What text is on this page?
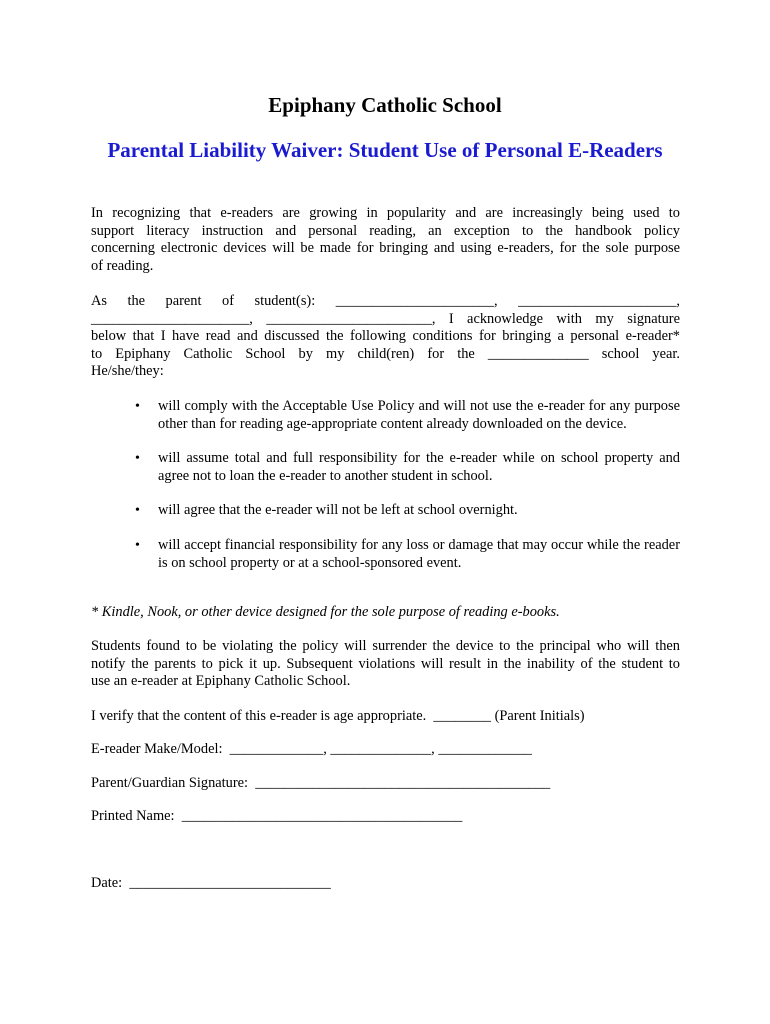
Epiphany Catholic School
Parental Liability Waiver: Student Use of Personal E-Readers
In recognizing that e-readers are growing in popularity and are increasingly being used to
support literacy instruction and personal reading, an exception to the handbook policy
concerning electronic devices will be made for bringing and using e-readers, for the sole purpose
of reading.
As the parent of student(s): ______________________, ______________________,
______________________, _______________________, I acknowledge with my signature
below that I have read and discussed the following conditions for bringing a personal e-reader*
to Epiphany Catholic School by my child(ren) for the ______________ school year.
He/she/they:
• will comply with the Acceptable Use Policy and will not use the e-reader for any purpose other than for reading age-appropriate content already downloaded on the device.
• will assume total and full responsibility for the e-reader while on school property and agree not to loan the e-reader to another student in school.
• will agree that the e-reader will not be left at school overnight.
• will accept financial responsibility for any loss or damage that may occur while the reader is on school property or at a school-sponsored event.
* Kindle, Nook, or other device designed for the sole purpose of reading e-books.
Students found to be violating the policy will surrender the device to the principal who will then
notify the parents to pick it up. Subsequent violations will result in the inability of the student to
use an e-reader at Epiphany Catholic School.
I verify that the content of this e-reader is age appropriate.  ________ (Parent Initials)
E-reader Make/Model:  _____________, ______________, _____________
Parent/Guardian Signature:  _________________________________________
Printed Name:  _______________________________________
Date:  ____________________________
